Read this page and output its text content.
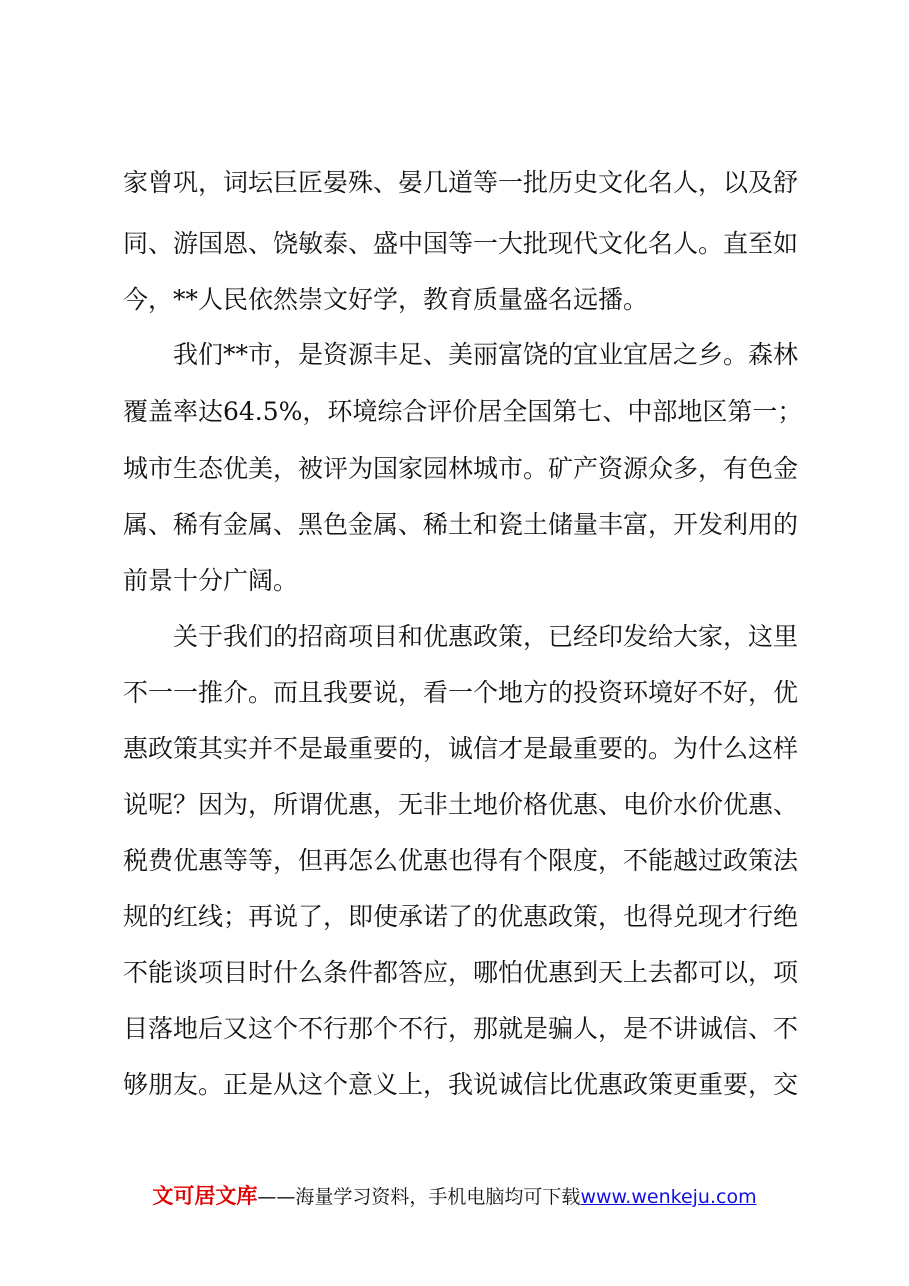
家曾巩，词坛巨匠晏殊、晏几道等一批历史文化名人，以及舒
同、游国恩、饶敏泰、盛中国等一大批现代文化名人。直至如
今，**人民依然崇文好学，教育质量盛名远播。
我们**市，是资源丰足、美丽富饶的宜业宜居之乡。森林
覆盖率达64.5%，环境综合评价居全国第七、中部地区第一；
城市生态优美，被评为国家园林城市。矿产资源众多，有色金
属、稀有金属、黑色金属、稀土和瓷土储量丰富，开发利用的
前景十分广阔。
关于我们的招商项目和优惠政策，已经印发给大家，这里
不一一推介。而且我要说，看一个地方的投资环境好不好，优
惠政策其实并不是最重要的，诚信才是最重要的。为什么这样
说呢？因为，所谓优惠，无非土地价格优惠、电价水价优惠、
税费优惠等等，但再怎么优惠也得有个限度，不能越过政策法
规的红线；再说了，即使承诺了的优惠政策，也得兑现才行绝
不能谈项目时什么条件都答应，哪怕优惠到天上去都可以，项
目落地后又这个不行那个不行，那就是骗人，是不讲诚信、不
够朋友。正是从这个意义上，我说诚信比优惠政策更重要，交
文可居文库——海量学习资料，手机电脑均可下载www.wenkeju.com
